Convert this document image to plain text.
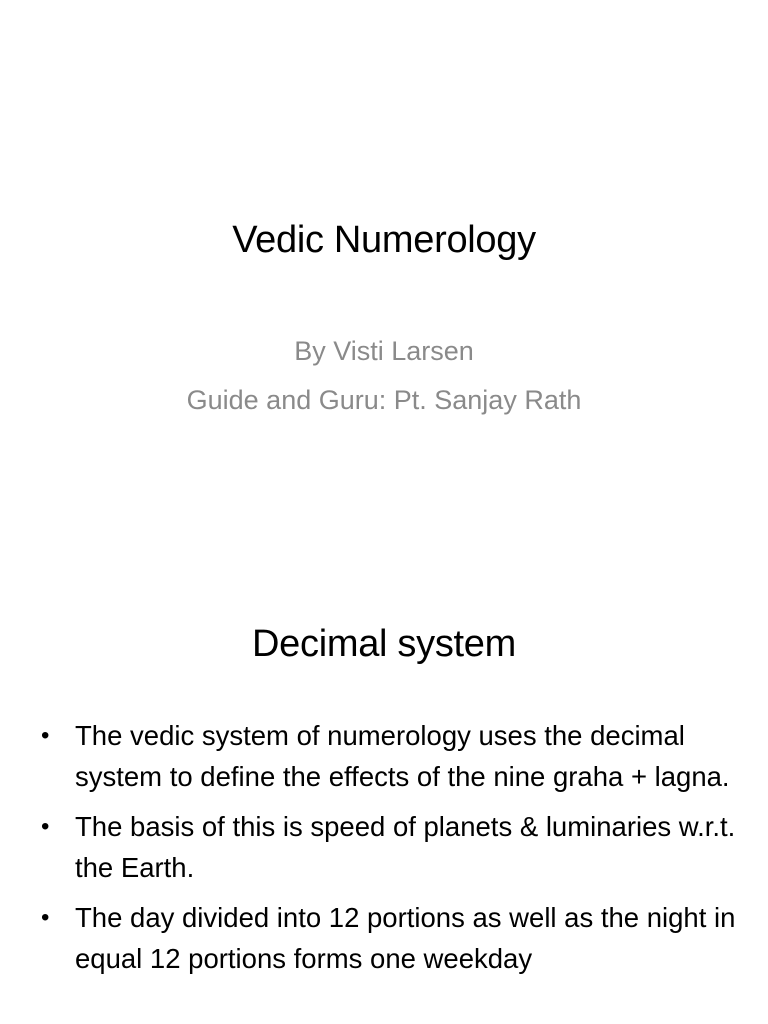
Vedic Numerology
By Visti Larsen
Guide and Guru: Pt. Sanjay Rath
Decimal system
• The vedic system of numerology uses the decimal system to define the effects of the nine graha + lagna.
• The basis of this is speed of planets & luminaries w.r.t. the Earth.
• The day divided into 12 portions as well as the night in equal 12 portions forms one weekday
